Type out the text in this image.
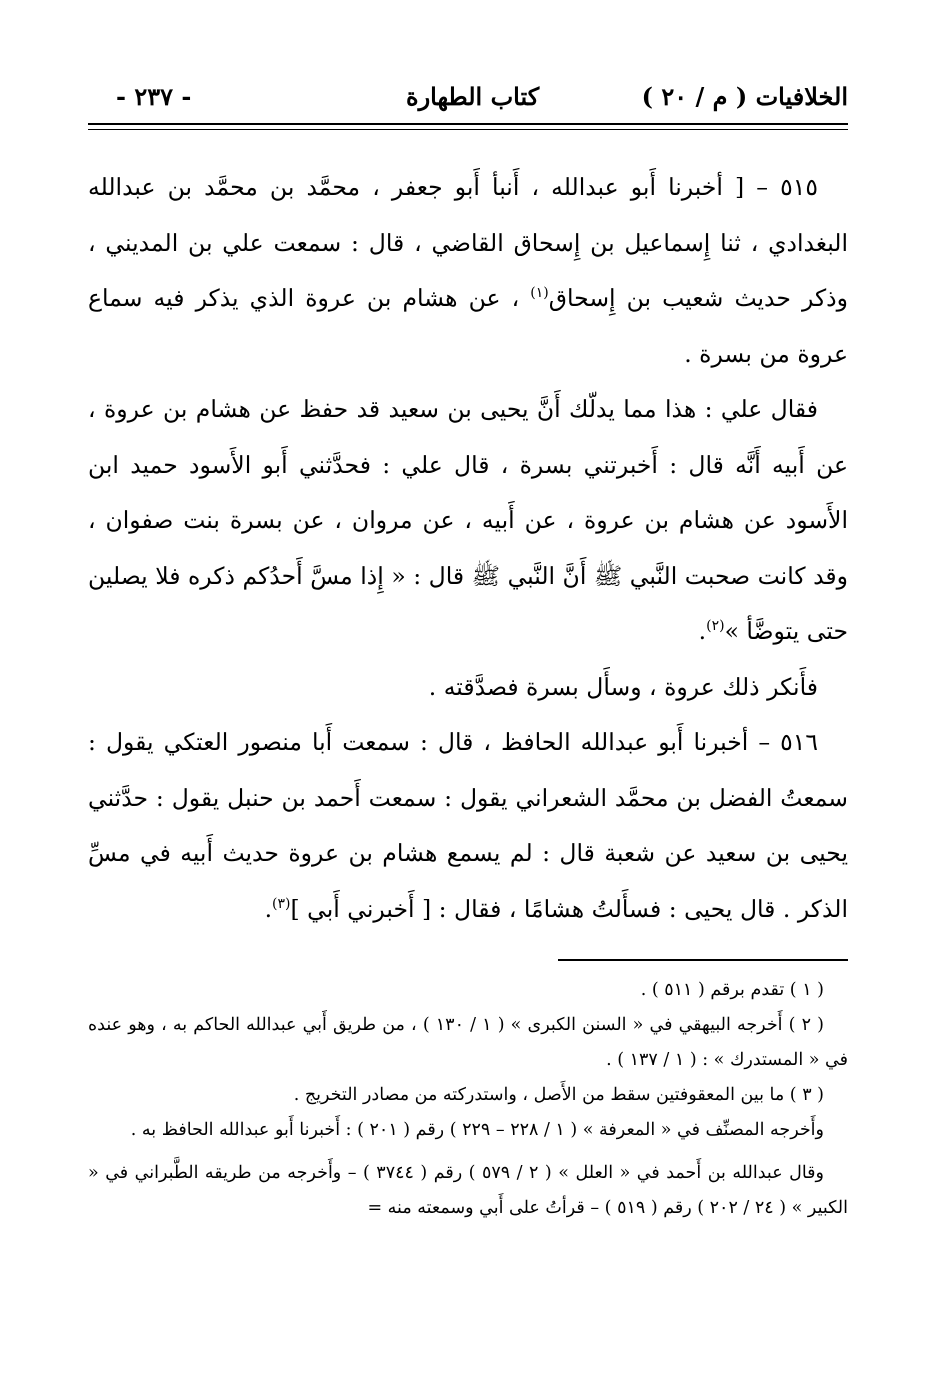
الخلافيات ( م / ٢٠ )
كتاب الطهارة
- ٢٣٧ -

٥١٥ – [ أخبرنا أَبو عبدالله ، أَنبأ أَبو جعفر ، محمَّد بن محمَّد بن عبدالله البغدادي ، ثنا إِسماعيل بن إِسحاق القاضي ، قال : سمعت علي بن المديني ، وذكر حديث شعيب بن إِسحاق$^{(١)}$ ، عن هشام بن عروة الذي يذكر فيه سماع عروة من بسرة .

فقال علي : هذا مما يدلّك أَنَّ يحيى بن سعيد قد حفظ عن هشام بن عروة ، عن أَبيه أَنَّه قال : أَخبرتني بسرة ، قال علي : فحدَّثني أَبو الأَسود حميد ابن الأَسود عن هشام بن عروة ، عن أَبيه ، عن مروان ، عن بسرة بنت صفوان ، وقد كانت صحبت النَّبي ﷺ أَنَّ النَّبي ﷺ قال : « إِذا مسَّ أَحدُكم ذكره فلا يصلين حتى يتوضَّأ »$^{(٢)}$.

فأَنكر ذلك عروة ، وسأَل بسرة فصدَّقته .

٥١٦ – أخبرنا أَبو عبدالله الحافظ ، قال : سمعت أَبا منصور العتكي يقول : سمعتُ الفضل بن محمَّد الشعراني يقول : سمعت أَحمد بن حنبل يقول : حدَّثني يحيى بن سعيد عن شعبة قال : لم يسمع هشام بن عروة حديث أَبيه في مسِّ الذكر . قال يحيى : فسأَلتُ هشامًا ، فقال : [ أَخبرني أَبي ]$^{(٣)}$.

( ١ ) تقدم برقم ( ٥١١ ) .

( ٢ ) أَخرجه البيهقي في « السنن الكبرى » ( ١ / ١٣٠ ) ، من طريق أَبي عبدالله الحاكم به ، وهو عنده في « المستدرك » : ( ١ / ١٣٧ ) .

( ٣ ) ما بين المعقوفتين سقط من الأَصل ، واستدركته من مصادر التخريج .

وأَخرجه المصنِّف في « المعرفة » ( ١ / ٢٢٨ – ٢٢٩ ) رقم ( ٢٠١ ) : أَخبرنا أَبو عبدالله الحافظ به .

وقال عبدالله بن أَحمد في « العلل » ( ٢ / ٥٧٩ ) رقم ( ٣٧٤٤ ) – وأَخرجه من طريقه الطَّبراني في « الكبير » ( ٢٤ / ٢٠٢ ) رقم ( ٥١٩ ) – قرأتُ على أَبي وسمعته منه =
